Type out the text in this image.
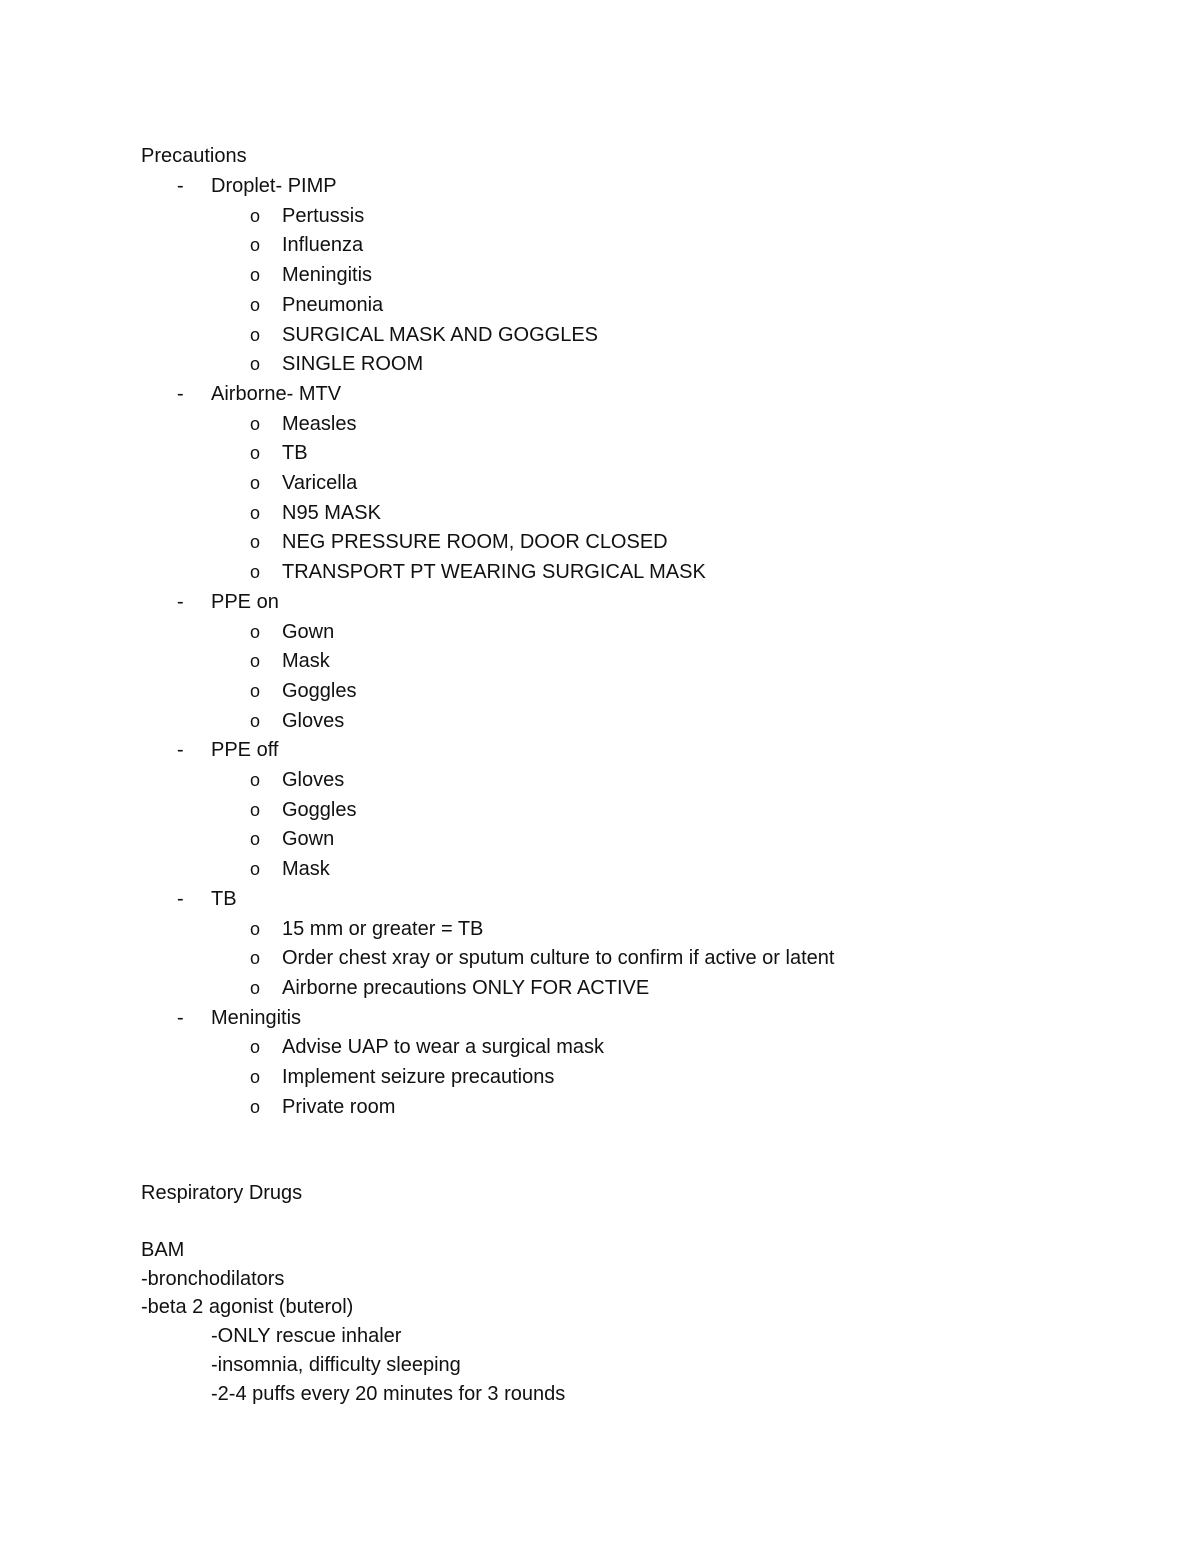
Precautions
- Droplet- PIMP
o Pertussis
o Influenza
o Meningitis
o Pneumonia
o SURGICAL MASK AND GOGGLES
o SINGLE ROOM
- Airborne- MTV
o Measles
o TB
o Varicella
o N95 MASK
o NEG PRESSURE ROOM, DOOR CLOSED
o TRANSPORT PT WEARING SURGICAL MASK
- PPE on
o Gown
o Mask
o Goggles
o Gloves
- PPE off
o Gloves
o Goggles
o Gown
o Mask
- TB
o 15 mm or greater = TB
o Order chest xray or sputum culture to confirm if active or latent
o Airborne precautions ONLY FOR ACTIVE
- Meningitis
o Advise UAP to wear a surgical mask
o Implement seizure precautions
o Private room
Respiratory Drugs
BAM
-bronchodilators
-beta 2 agonist (buterol)
-ONLY rescue inhaler
-insomnia, difficulty sleeping
-2-4 puffs every 20 minutes for 3 rounds
